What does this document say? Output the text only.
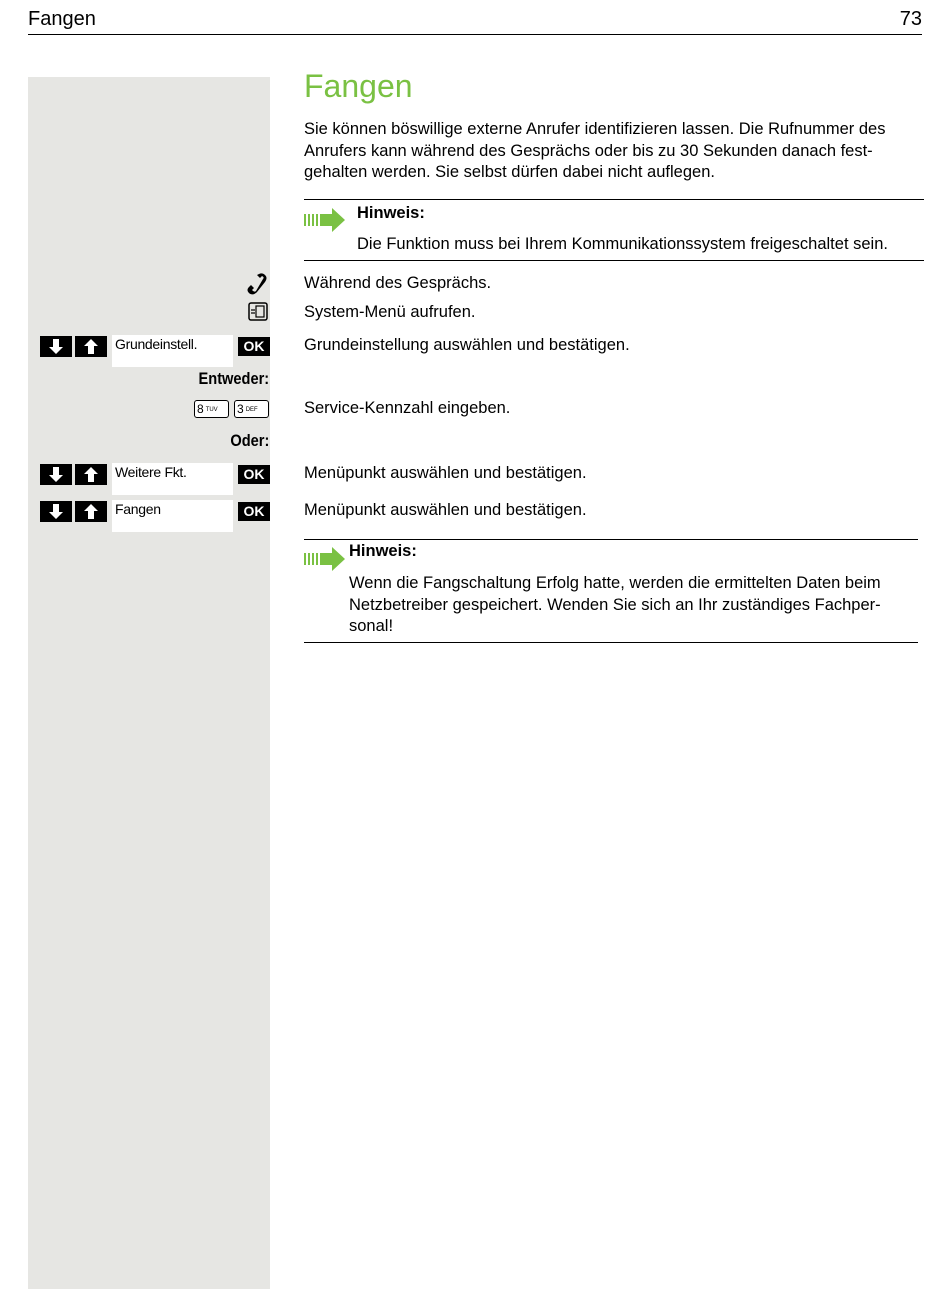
Fangen	73
Fangen
Sie können böswillige externe Anrufer identifizieren lassen. Die Rufnummer des
Anrufers kann während des Gesprächs oder bis zu 30 Sekunden danach fest-
gehalten werden. Sie selbst dürfen dabei nicht auflegen.
Hinweis:
Die Funktion muss bei Ihrem Kommunikationssystem freigeschaltet sein.
Während des Gesprächs.
System-Menü aufrufen.
Grundeinstell.	OK	Grundeinstellung auswählen und bestätigen.
Entweder:
8 TUV	3 DEF	Service-Kennzahl eingeben.
Oder:
Weitere Fkt.	OK	Menüpunkt auswählen und bestätigen.
Fangen	OK	Menüpunkt auswählen und bestätigen.
Hinweis:
Wenn die Fangschaltung Erfolg hatte, werden die ermittelten Daten beim
Netzbetreiber gespeichert. Wenden Sie sich an Ihr zuständiges Fachper-
sonal!
